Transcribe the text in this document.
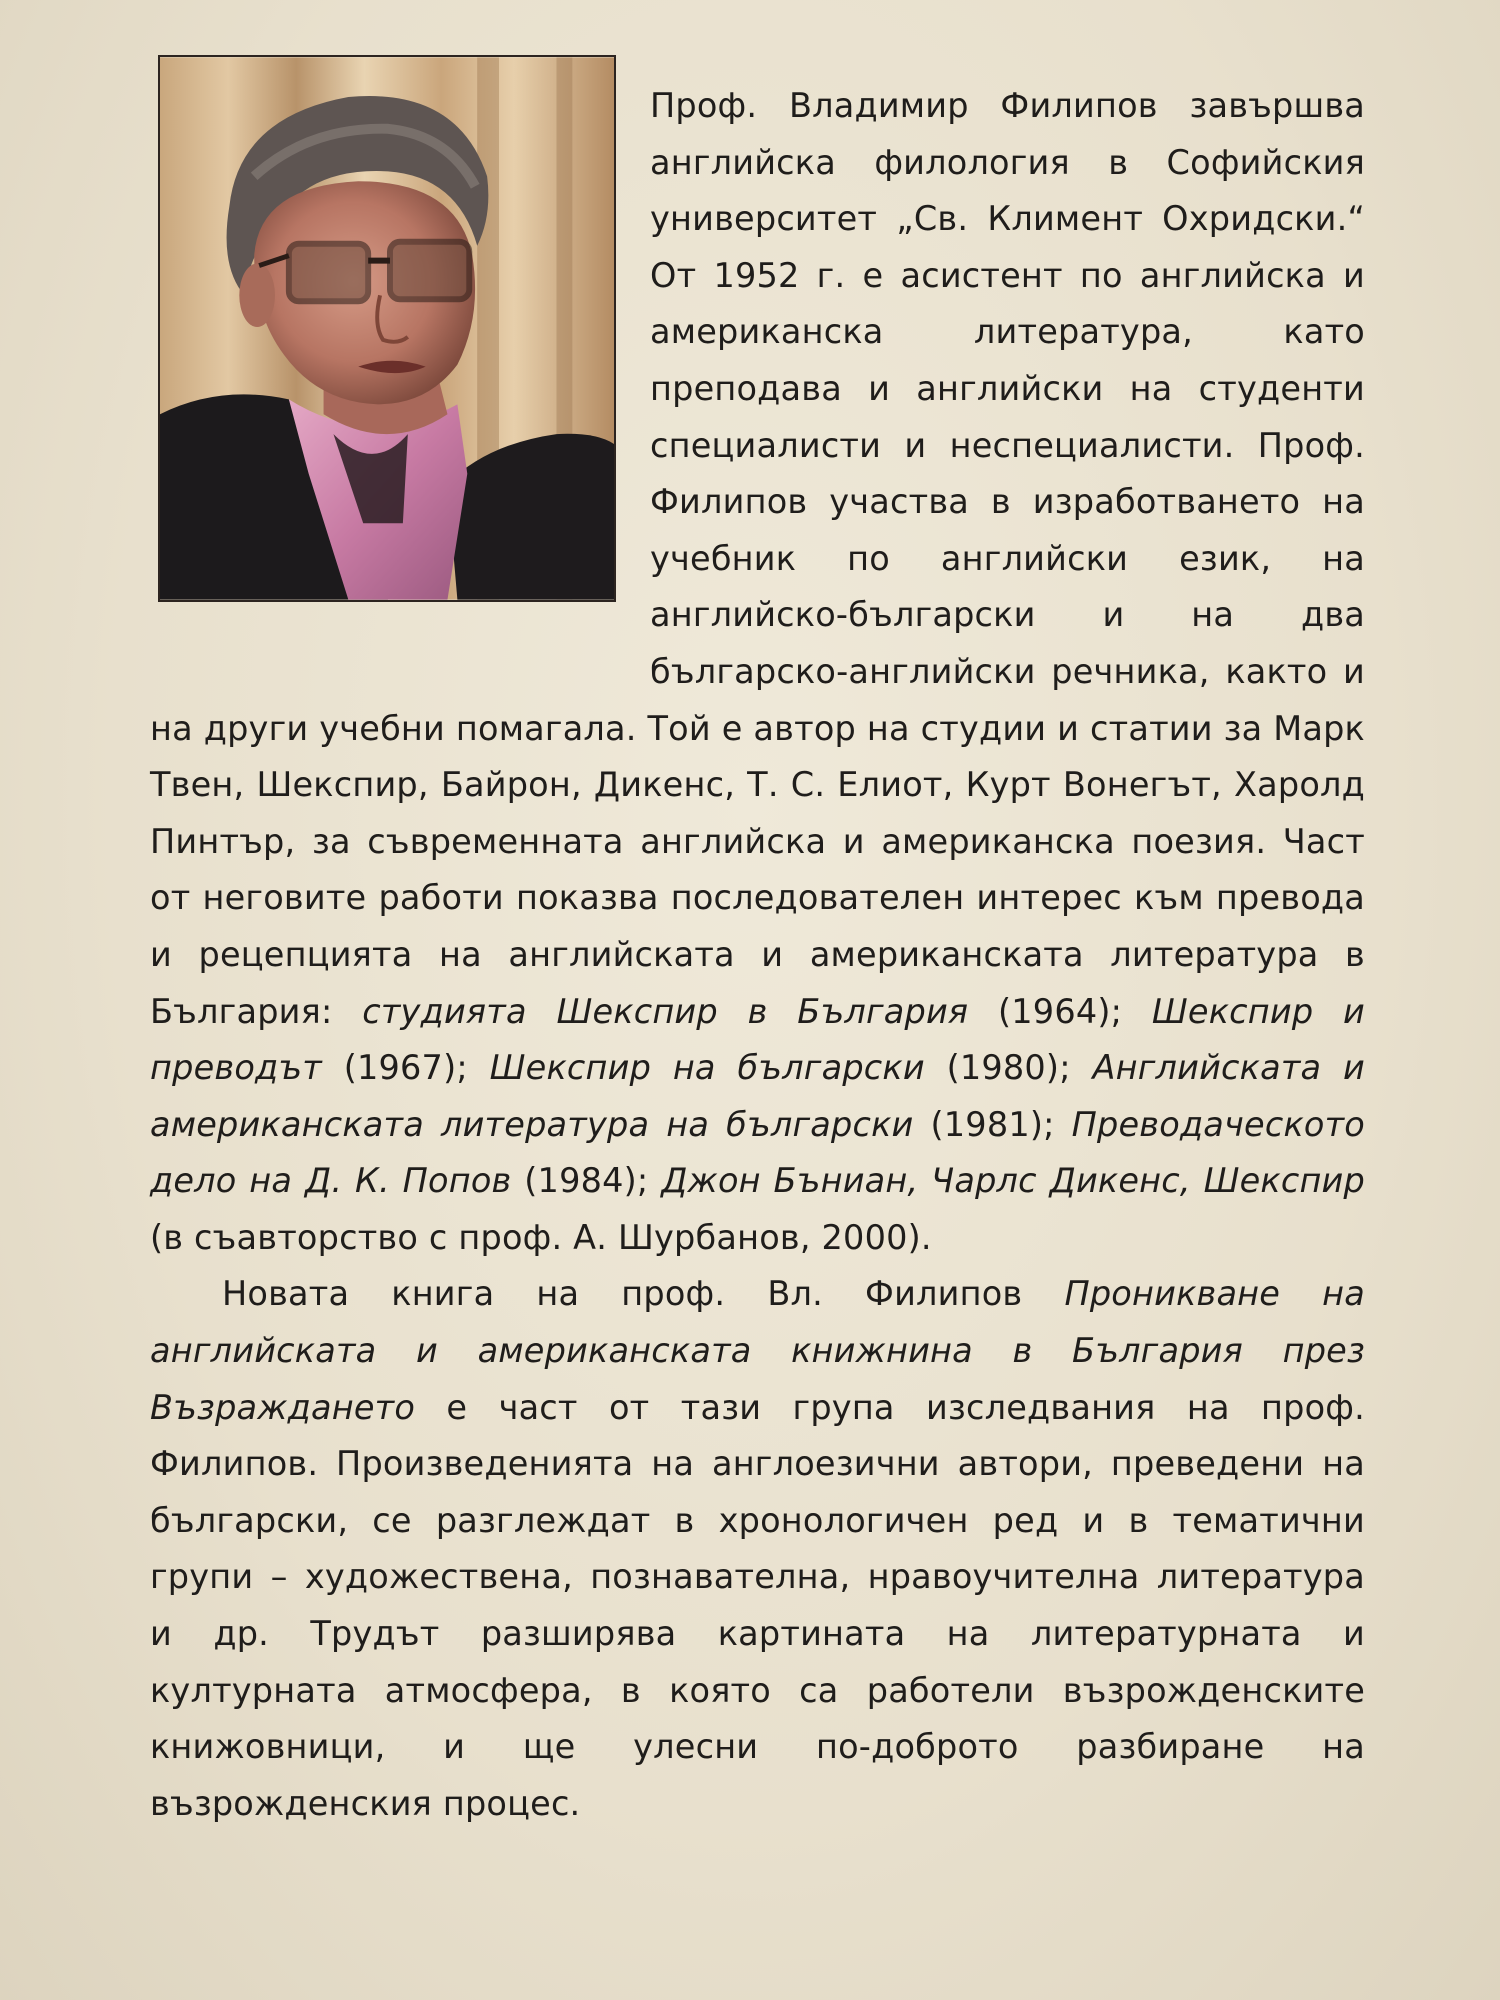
Проф. Владимир Филипов завършва английска филология в Софийския университет „Св. Климент Охридски.“ От 1952 г. е асистент по английска и американска литература, като преподава и английски на студенти специалисти и неспециалисти. Проф. Филипов участва в изработването на учебник по английски език, на английско-български и на два българско-английски речника, както и на други учебни помагала. Той е автор на студии и статии за Марк Твен, Шекспир, Байрон, Дикенс, Т. С. Елиот, Курт Вонегът, Харолд Пинтър, за съвременната английска и американска поезия. Част от неговите работи показва последователен интерес към превода и рецепцията на английската и американската литература в България: студията Шекспир в България (1964); Шекспир и преводът (1967); Шекспир на български (1980); Английската и американската литература на български (1981); Преводаческото дело на Д. К. Попов (1984); Джон Бъниан, Чарлс Дикенс, Шекспир (в съавторство с проф. А. Шурбанов, 2000).

Новата книга на проф. Вл. Филипов Проникване на английската и американската книжнина в България през Възраждането е част от тази група изследвания на проф. Филипов. Произведенията на англоезични автори, преведени на български, се разглеждат в хронологичен ред и в тематични групи – художествена, познавателна, нравоучителна литература и др. Трудът разширява картината на литературната и културната атмосфера, в която са работели възрожденските книжовници, и ще улесни по-доброто разбиране на възрожденския процес.
